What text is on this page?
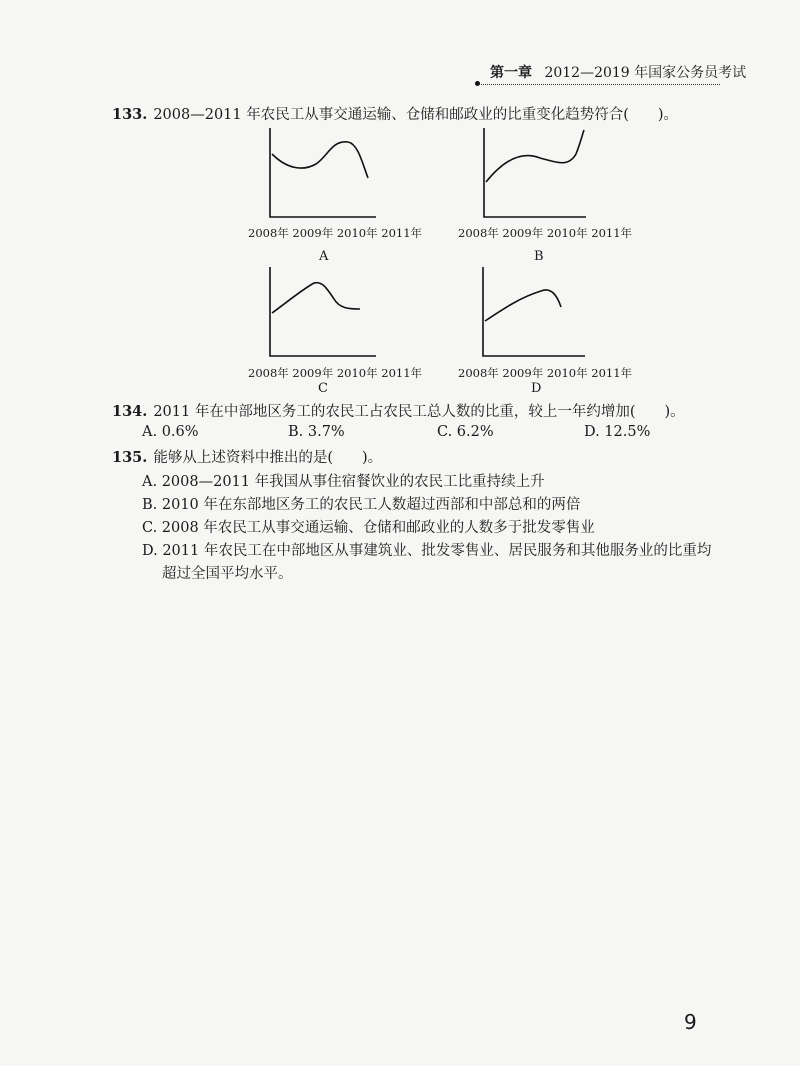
第一章 2012—2019 年国家公务员考试
133. 2008—2011 年农民工从事交通运输、仓储和邮政业的比重变化趋势符合(　　)。
2008年 2009年 2010年 2011年
A
2008年 2009年 2010年 2011年
B
2008年 2009年 2010年 2011年
C
2008年 2009年 2010年 2011年
D
134. 2011 年在中部地区务工的农民工占农民工总人数的比重，较上一年约增加(　　)。
A. 0.6%	B. 3.7%	C. 6.2%	D. 12.5%
135. 能够从上述资料中推出的是(　　)。
A. 2008—2011 年我国从事住宿餐饮业的农民工比重持续上升
B. 2010 年在东部地区务工的农民工人数超过西部和中部总和的两倍
C. 2008 年农民工从事交通运输、仓储和邮政业的人数多于批发零售业
D. 2011 年农民工在中部地区从事建筑业、批发零售业、居民服务和其他服务业的比重均
超过全国平均水平。
9
